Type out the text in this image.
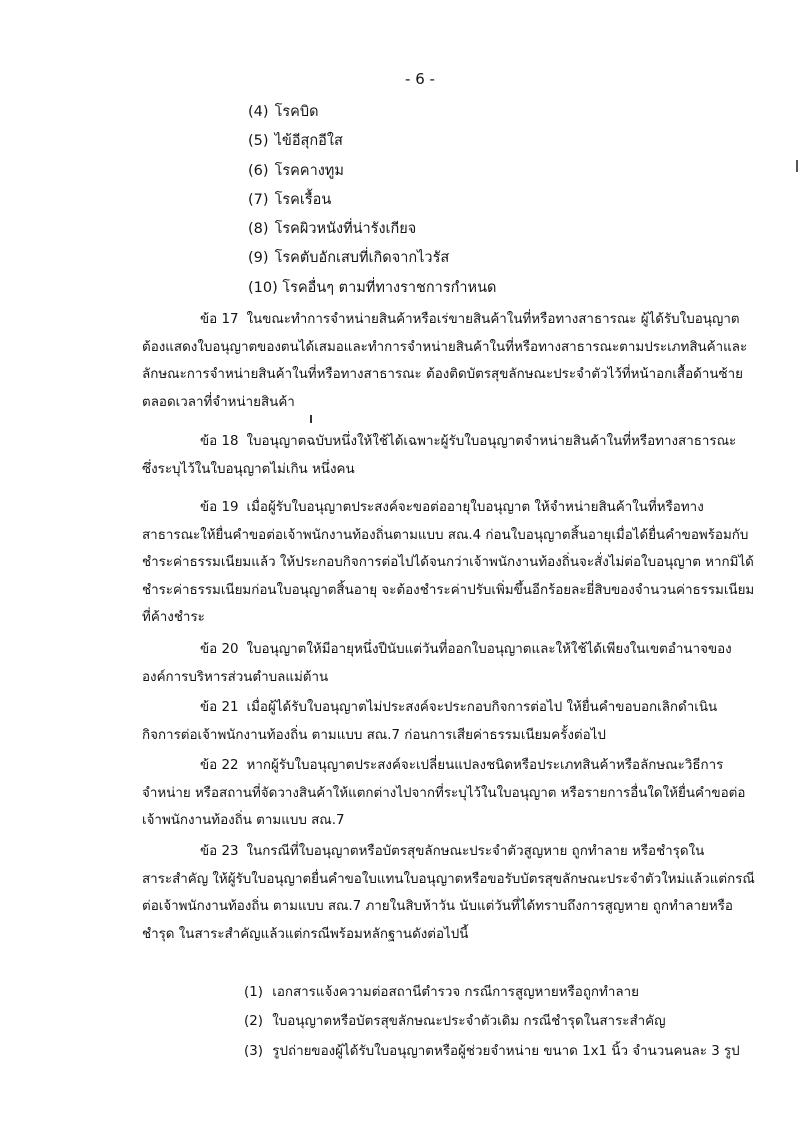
- 6 -
(4) โรคบิด
(5) ไข้อีสุกอีใส
(6) โรคคางทูม
(7) โรคเรื้อน
(8) โรคผิวหนังที่น่ารังเกียจ
(9) โรคตับอักเสบที่เกิดจากไวรัส
(10) โรคอื่นๆ ตามที่ทางราชการกำหนด

ข้อ 17 ในขณะทำการจำหน่ายสินค้าหรือเร่ขายสินค้าในที่หรือทางสาธารณะ ผู้ได้รับใบอนุญาต
ต้องแสดงใบอนุญาตของตนได้เสมอและทำการจำหน่ายสินค้าในที่หรือทางสาธารณะตามประเภทสินค้าและลักษณะการจำหน่ายสินค้าในที่หรือทางสาธารณะ ต้องติดบัตรสุขลักษณะประจำตัวไว้ที่หน้าอกเสื้อด้านซ้ายตลอดเวลาที่จำหน่ายสินค้า

ข้อ 18 ใบอนุญาตฉบับหนึ่งให้ใช้ได้เฉพาะผู้รับใบอนุญาตจำหน่ายสินค้าในที่หรือทางสาธารณะ
ซึ่งระบุไว้ในใบอนุญาตไม่เกิน หนึ่งคน

ข้อ 19 เมื่อผู้รับใบอนุญาตประสงค์จะขอต่ออายุใบอนุญาต ให้จำหน่ายสินค้าในที่หรือทาง
สาธารณะให้ยื่นคำขอต่อเจ้าพนักงานท้องถิ่นตามแบบ สณ.4 ก่อนใบอนุญาตสิ้นอายุเมื่อได้ยื่นคำขอพร้อมกับชำระค่าธรรมเนียมแล้ว ให้ประกอบกิจการต่อไปได้จนกว่าเจ้าพนักงานท้องถิ่นจะสั่งไม่ต่อใบอนุญาต หากมิได้ชำระค่าธรรมเนียมก่อนใบอนุญาตสิ้นอายุ จะต้องชำระค่าปรับเพิ่มขึ้นอีกร้อยละยี่สิบของจำนวนค่าธรรมเนียมที่ค้างชำระ

ข้อ 20 ใบอนุญาตให้มีอายุหนึ่งปีนับแต่วันที่ออกใบอนุญาตและให้ใช้ได้เพียงในเขตอำนาจของ
องค์การบริหารส่วนตำบลแม่ต้าน

ข้อ 21 เมื่อผู้ได้รับใบอนุญาตไม่ประสงค์จะประกอบกิจการต่อไป ให้ยื่นคำขอบอกเลิกดำเนิน
กิจการต่อเจ้าพนักงานท้องถิ่น ตามแบบ สณ.7 ก่อนการเสียค่าธรรมเนียมครั้งต่อไป

ข้อ 22 หากผู้รับใบอนุญาตประสงค์จะเปลี่ยนแปลงชนิดหรือประเภทสินค้าหรือลักษณะวิธีการ
จำหน่าย หรือสถานที่จัดวางสินค้าให้แตกต่างไปจากที่ระบุไว้ในใบอนุญาต หรือรายการอื่นใดให้ยื่นคำขอต่อเจ้าพนักงานท้องถิ่น ตามแบบ สณ.7

ข้อ 23 ในกรณีที่ใบอนุญาตหรือบัตรสุขลักษณะประจำตัวสูญหาย ถูกทำลาย หรือชำรุดใน
สาระสำคัญ ให้ผู้รับใบอนุญาตยื่นคำขอใบแทนใบอนุญาตหรือขอรับบัตรสุขลักษณะประจำตัวใหม่แล้วแต่กรณีต่อเจ้าพนักงานท้องถิ่น ตามแบบ สณ.7 ภายในสิบห้าวัน นับแต่วันที่ได้ทราบถึงการสูญหาย ถูกทำลายหรือชำรุด ในสาระสำคัญแล้วแต่กรณีพร้อมหลักฐานดังต่อไปนี้

(1) เอกสารแจ้งความต่อสถานีตำรวจ กรณีการสูญหายหรือถูกทำลาย
(2) ใบอนุญาตหรือบัตรสุขลักษณะประจำตัวเดิม กรณีชำรุดในสาระสำคัญ
(3) รูปถ่ายของผู้ได้รับใบอนุญาตหรือผู้ช่วยจำหน่าย ขนาด 1x1 นิ้ว จำนวนคนละ 3 รูป
